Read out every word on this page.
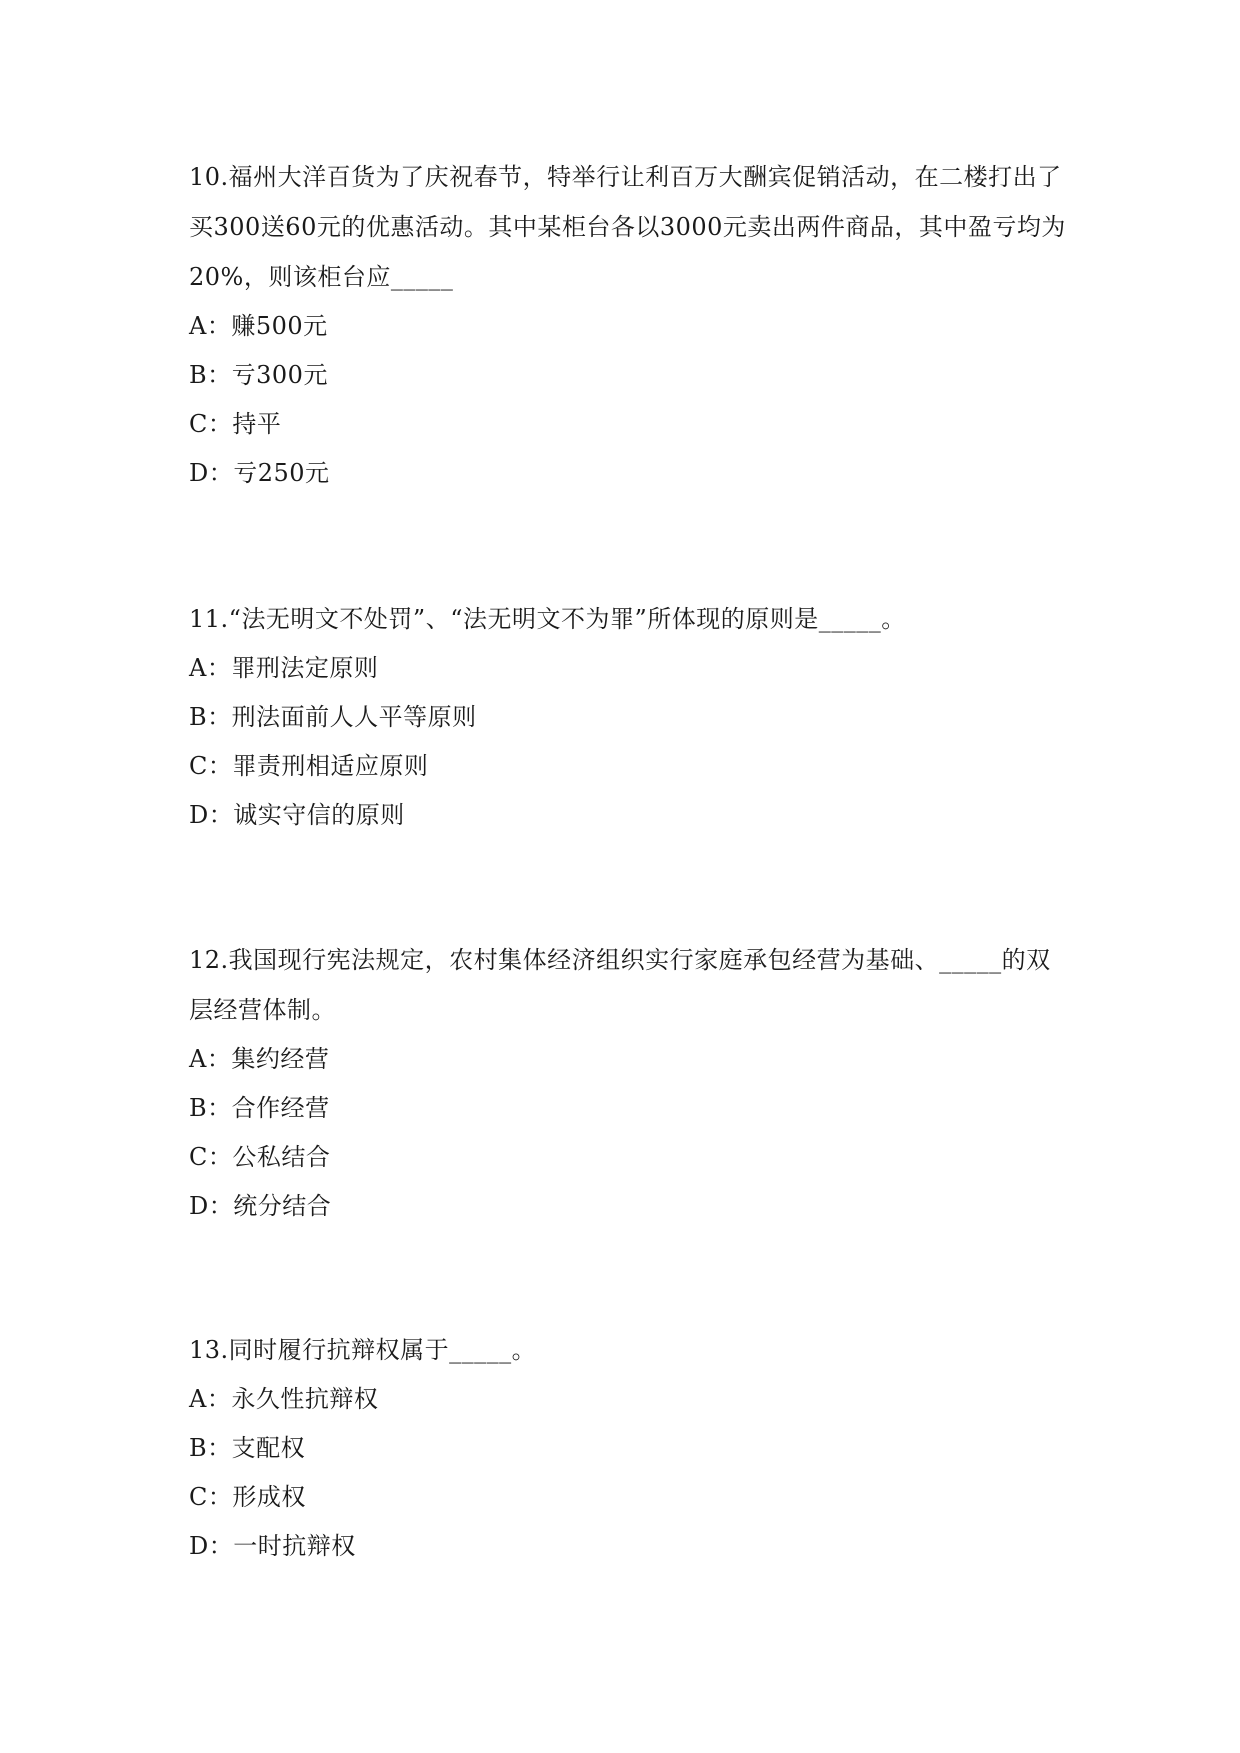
10.福州大洋百货为了庆祝春节，特举行让利百万大酬宾促销活动，在二楼打出了买300送60元的优惠活动。其中某柜台各以3000元卖出两件商品，其中盈亏均为20%，则该柜台应_____

A：赚500元

B：亏300元

C：持平

D：亏250元

11.“法无明文不处罚”、“法无明文不为罪”所体现的原则是_____。

A：罪刑法定原则

B：刑法面前人人平等原则

C：罪责刑相适应原则

D：诚实守信的原则

12.我国现行宪法规定，农村集体经济组织实行家庭承包经营为基础、_____的双层经营体制。

A：集约经营

B：合作经营

C：公私结合

D：统分结合

13.同时履行抗辩权属于_____。

A：永久性抗辩权

B：支配权

C：形成权

D：一时抗辩权
